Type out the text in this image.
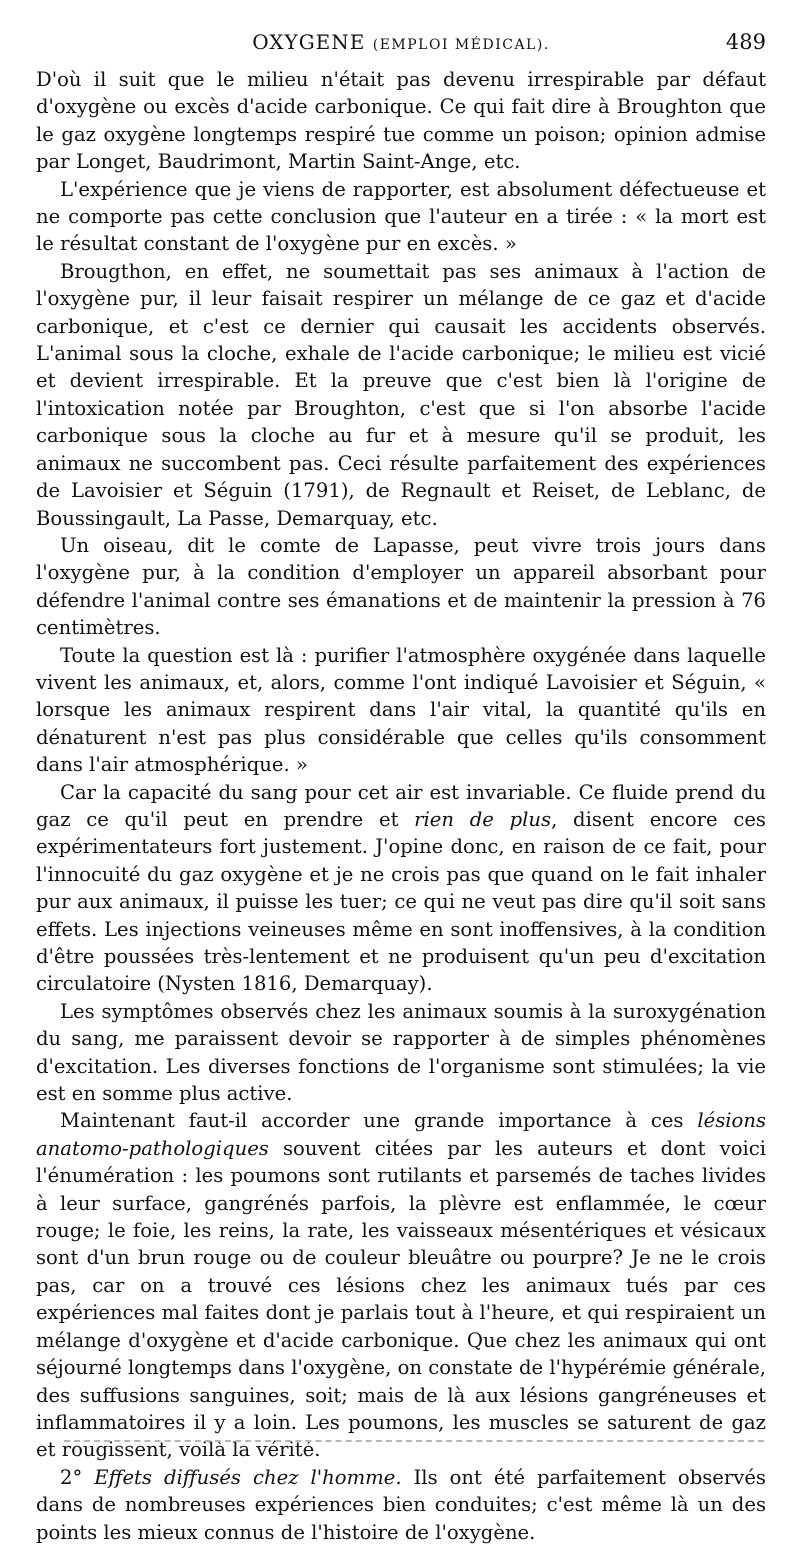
OXYGENE (EMPLOI MÉDICAL).	489

D'où il suit que le milieu n'était pas devenu irrespirable par défaut d'oxygène ou excès d'acide carbonique. Ce qui fait dire à Broughton que le gaz oxygène longtemps respiré tue comme un poison; opinion admise par Longet, Baudrimont, Martin Saint-Ange, etc.

L'expérience que je viens de rapporter, est absolument défectueuse et ne comporte pas cette conclusion que l'auteur en a tirée : « la mort est le résultat constant de l'oxygène pur en excès. »

Brougthon, en effet, ne soumettait pas ses animaux à l'action de l'oxygène pur, il leur faisait respirer un mélange de ce gaz et d'acide carbonique, et c'est ce dernier qui causait les accidents observés. L'animal sous la cloche, exhale de l'acide carbonique; le milieu est vicié et devient irrespirable. Et la preuve que c'est bien là l'origine de l'intoxication notée par Broughton, c'est que si l'on absorbe l'acide carbonique sous la cloche au fur et à mesure qu'il se produit, les animaux ne succombent pas. Ceci résulte parfaitement des expériences de Lavoisier et Séguin (1791), de Regnault et Reiset, de Leblanc, de Boussingault, La Passe, Demarquay, etc.

Un oiseau, dit le comte de Lapasse, peut vivre trois jours dans l'oxygène pur, à la condition d'employer un appareil absorbant pour défendre l'animal contre ses émanations et de maintenir la pression à 76 centimètres.

Toute la question est là : purifier l'atmosphère oxygénée dans laquelle vivent les animaux, et, alors, comme l'ont indiqué Lavoisier et Séguin, « lorsque les animaux respirent dans l'air vital, la quantité qu'ils en dénaturent n'est pas plus considérable que celles qu'ils consomment dans l'air atmosphérique. »

Car la capacité du sang pour cet air est invariable. Ce fluide prend du gaz ce qu'il peut en prendre et rien de plus, disent encore ces expérimentateurs fort justement. J'opine donc, en raison de ce fait, pour l'innocuité du gaz oxygène et je ne crois pas que quand on le fait inhaler pur aux animaux, il puisse les tuer; ce qui ne veut pas dire qu'il soit sans effets. Les injections veineuses même en sont inoffensives, à la condition d'être poussées très-lentement et ne produisent qu'un peu d'excitation circulatoire (Nysten 1816, Demarquay).

Les symptômes observés chez les animaux soumis à la suroxygénation du sang, me paraissent devoir se rapporter à de simples phénomènes d'excitation. Les diverses fonctions de l'organisme sont stimulées; la vie est en somme plus active.

Maintenant faut-il accorder une grande importance à ces lésions anatomo-pathologiques souvent citées par les auteurs et dont voici l'énumération : les poumons sont rutilants et parsemés de taches livides à leur surface, gangrénés parfois, la plèvre est enflammée, le cœur rouge; le foie, les reins, la rate, les vaisseaux mésentériques et vésicaux sont d'un brun rouge ou de couleur bleuâtre ou pourpre? Je ne le crois pas, car on a trouvé ces lésions chez les animaux tués par ces expériences mal faites dont je parlais tout à l'heure, et qui respiraient un mélange d'oxygène et d'acide carbonique. Que chez les animaux qui ont séjourné longtemps dans l'oxygène, on constate de l'hypérémie générale, des suffusions sanguines, soit; mais de là aux lésions gangréneuses et inflammatoires il y a loin. Les poumons, les muscles se saturent de gaz et rougissent, voilà la vérité.

2° Effets diffusés chez l'homme. Ils ont été parfaitement observés dans de nombreuses expériences bien conduites; c'est même là un des points les mieux connus de l'histoire de l'oxygène.
